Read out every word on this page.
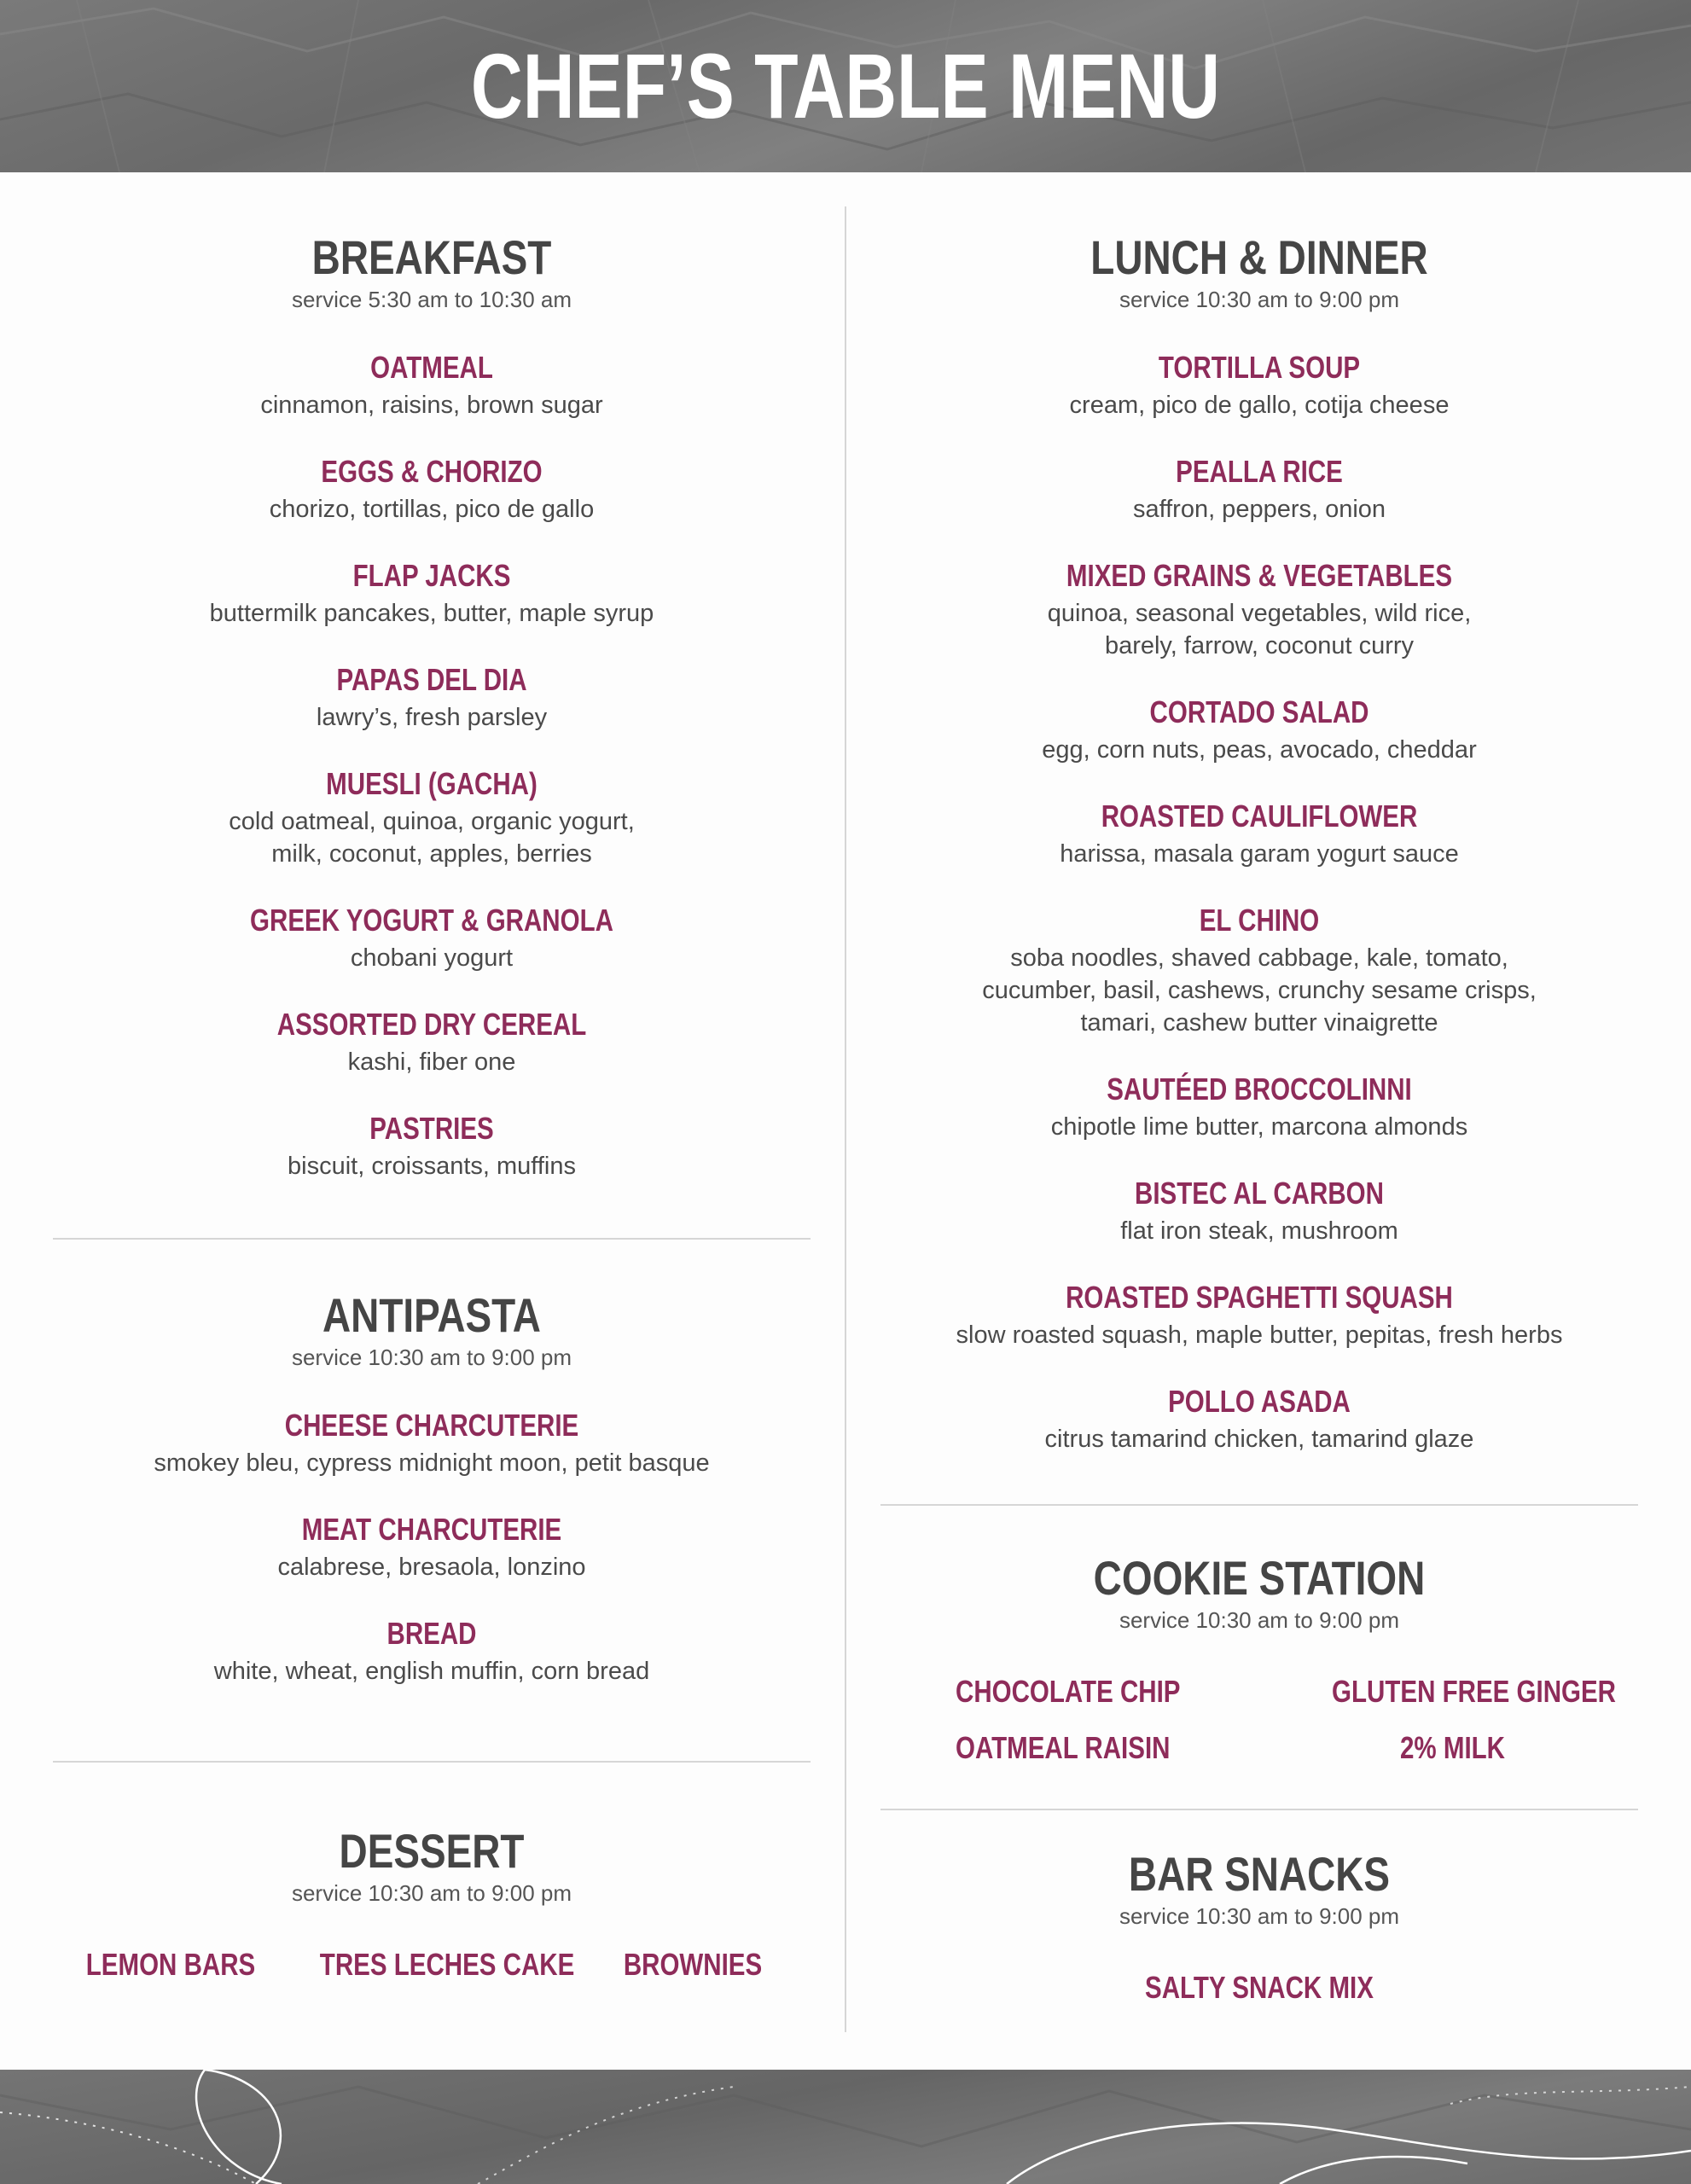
CHEF’S TABLE MENU
BREAKFAST
service 5:30 am to 10:30 am
OATMEAL
cinnamon, raisins, brown sugar
EGGS & CHORIZO
chorizo, tortillas, pico de gallo
FLAP JACKS
buttermilk pancakes, butter, maple syrup
PAPAS DEL DIA
lawry’s, fresh parsley
MUESLI (GACHA)
cold oatmeal, quinoa, organic yogurt,
milk, coconut, apples, berries
GREEK YOGURT & GRANOLA
chobani yogurt
ASSORTED DRY CEREAL
kashi, fiber one
PASTRIES
biscuit, croissants, muffins
ANTIPASTA
service 10:30 am to 9:00 pm
CHEESE CHARCUTERIE
smokey bleu, cypress midnight moon, petit basque
MEAT CHARCUTERIE
calabrese, bresaola, lonzino
BREAD
white, wheat, english muffin, corn bread
DESSERT
service 10:30 am to 9:00 pm
LEMON BARS	TRES LECHES CAKE	BROWNIES
LUNCH & DINNER
service 10:30 am to 9:00 pm
TORTILLA SOUP
cream, pico de gallo, cotija cheese
PEALLA RICE
saffron, peppers, onion
MIXED GRAINS & VEGETABLES
quinoa, seasonal vegetables, wild rice,
barely, farrow, coconut curry
CORTADO SALAD
egg, corn nuts, peas, avocado, cheddar
ROASTED CAULIFLOWER
harissa, masala garam yogurt sauce
EL CHINO
soba noodles, shaved cabbage, kale, tomato,
cucumber, basil, cashews, crunchy sesame crisps,
tamari, cashew butter vinaigrette
SAUTÉED BROCCOLINNI
chipotle lime butter, marcona almonds
BISTEC AL CARBON
flat iron steak, mushroom
ROASTED SPAGHETTI SQUASH
slow roasted squash, maple butter, pepitas, fresh herbs
POLLO ASADA
citrus tamarind chicken, tamarind glaze
COOKIE STATION
service 10:30 am to 9:00 pm
CHOCOLATE CHIP	GLUTEN FREE GINGER
OATMEAL RAISIN	2% MILK
BAR SNACKS
service 10:30 am to 9:00 pm
SALTY SNACK MIX
